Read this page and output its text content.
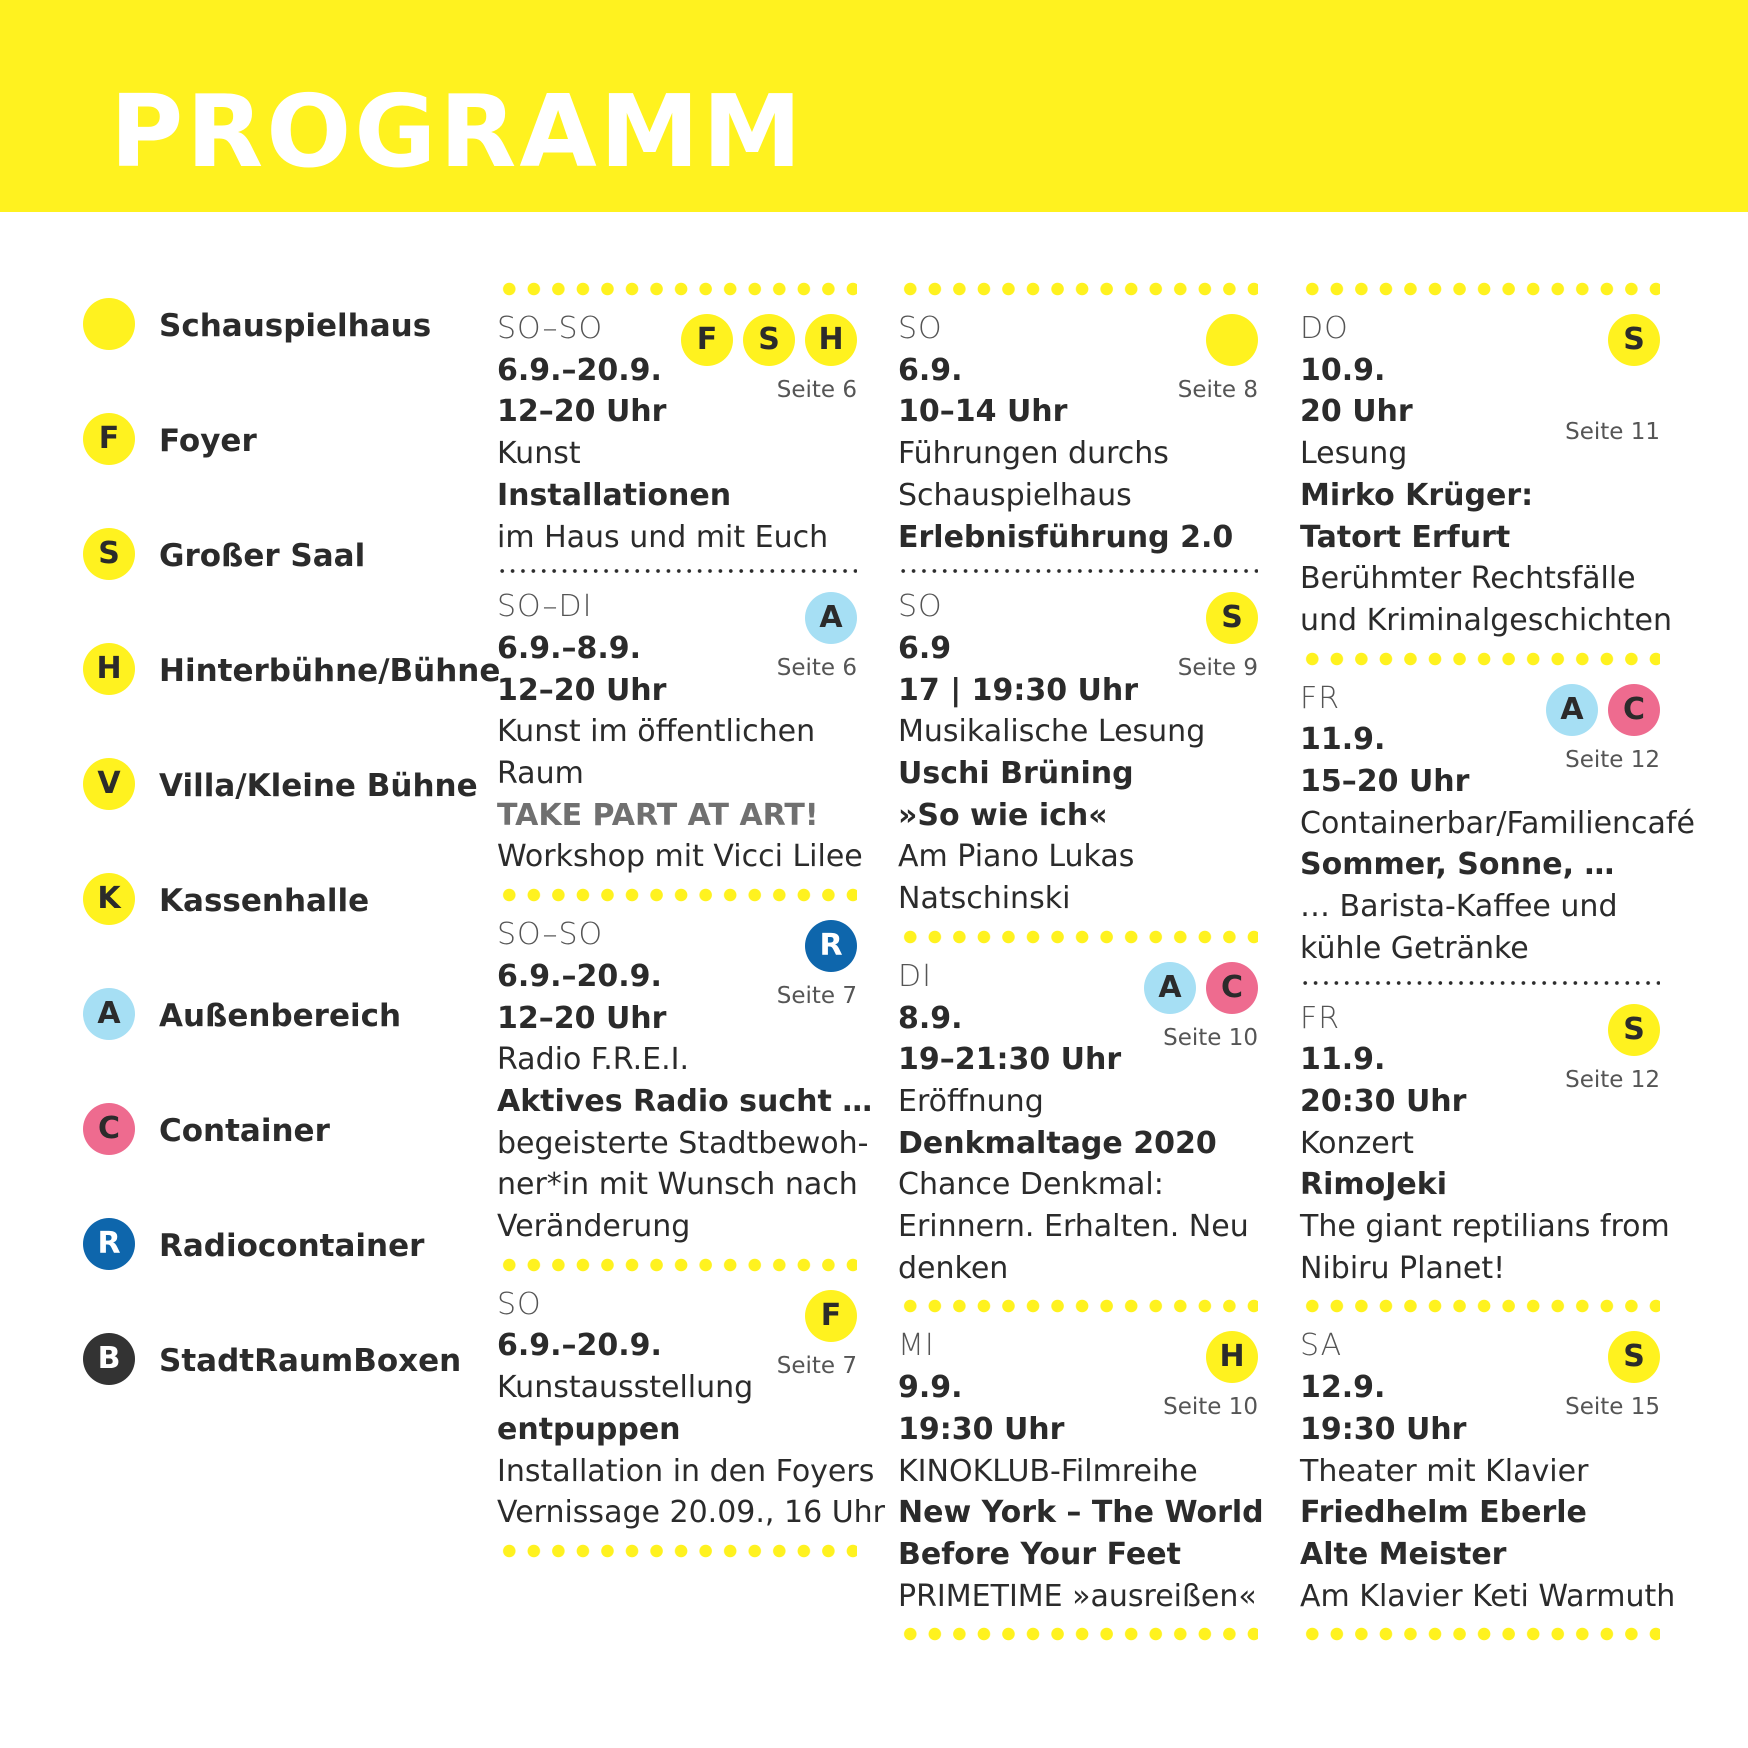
PROGRAMM
Schauspielhaus
F	Foyer
S	Großer Saal
H	Hinterbühne/Bühne
V	Villa/Kleine Bühne
K	Kassenhalle
A	Außenbereich
C	Container
R	Radiocontainer
B	StadtRaumBoxen
F	S	H
Seite 6
SO–SO
6.9.–20.9.
12–20 Uhr
Kunst
Installationen
im Haus und mit Euch
A
Seite 6
SO–DI
6.9.–8.9.
12–20 Uhr
Kunst im öffentlichen
Raum
TAKE PART AT ART!
Workshop mit Vicci Lilee
R
Seite 7
SO–SO
6.9.–20.9.
12–20 Uhr
Radio F.R.E.I.
Aktives Radio sucht …
begeisterte Stadtbewoh-
ner*in mit Wunsch nach
Veränderung
F
Seite 7
SO
6.9.–20.9.
Kunstausstellung
entpuppen
Installation in den Foyers
Vernissage 20.09., 16 Uhr
Seite 8
SO
6.9.
10–14 Uhr
Führungen durchs
Schauspielhaus
Erlebnisführung 2.0
S
Seite 9
SO
6.9
17 | 19:30 Uhr
Musikalische Lesung
Uschi Brüning
»So wie ich«
Am Piano Lukas
Natschinski
A	C
Seite 10
DI
8.9.
19–21:30 Uhr
Eröffnung
Denkmaltage 2020
Chance Denkmal:
Erinnern. Erhalten. Neu
denken
H
Seite 10
MI
9.9.
19:30 Uhr
KINOKLUB-Filmreihe
New York – The World
Before Your Feet
PRIMETIME »ausreißen«
S
Seite 11
DO
10.9.
20 Uhr
Lesung
Mirko Krüger:
Tatort Erfurt
Berühmter Rechtsfälle
und Kriminalgeschichten
A	C
Seite 12
FR
11.9.
15–20 Uhr
Containerbar/Familiencafé
Sommer, Sonne, …
… Barista-Kaffee und
kühle Getränke
S
Seite 12
FR
11.9.
20:30 Uhr
Konzert
RimoJeki
The giant reptilians from
Nibiru Planet!
S
Seite 15
SA
12.9.
19:30 Uhr
Theater mit Klavier
Friedhelm Eberle
Alte Meister
Am Klavier Keti Warmuth
